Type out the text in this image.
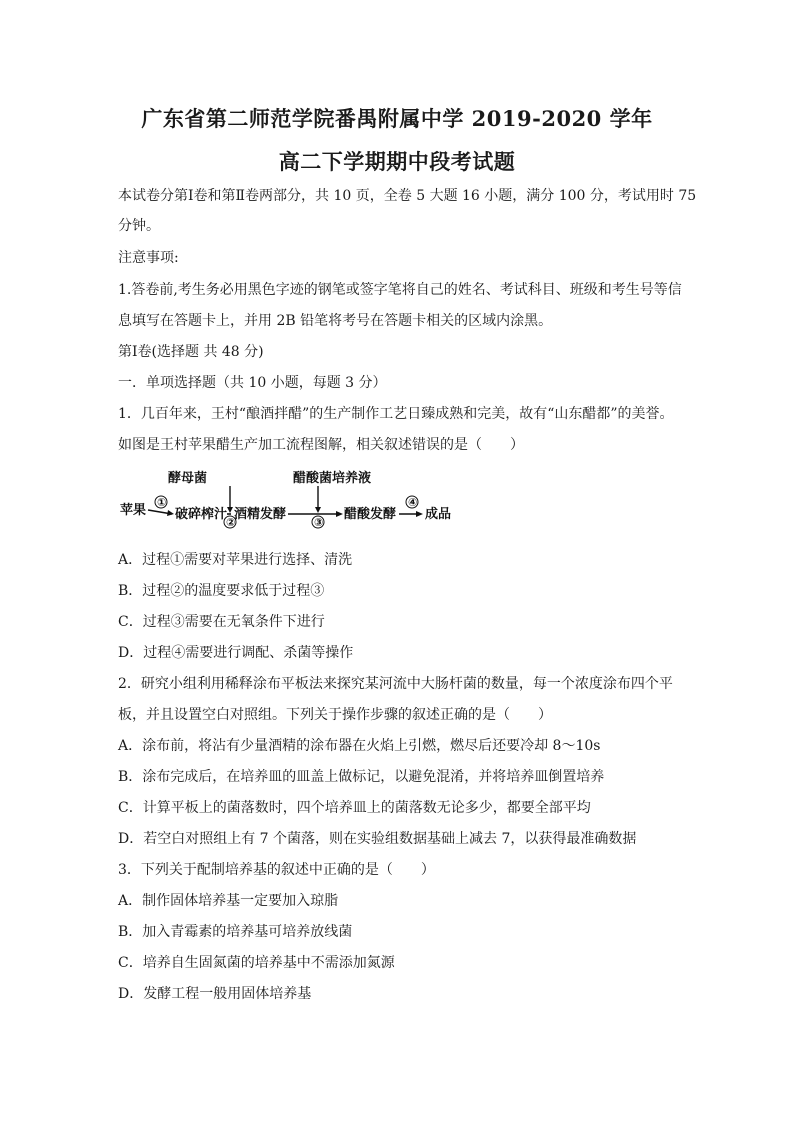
广东省第二师范学院番禺附属中学 2019-2020 学年
高二下学期期中段考试题
本试卷分第Ⅰ卷和第Ⅱ卷两部分，共 10 页，全卷 5 大题 16 小题，满分 100 分，考试用时 75
分钟。
注意事项:
1.答卷前,考生务必用黑色字迹的钢笔或签字笔将自己的姓名、考试科目、班级和考生号等信
息填写在答题卡上，并用 2B 铅笔将考号在答题卡相关的区域内涂黑。
第Ⅰ卷(选择题 共 48 分)
一．单项选择题（共 10 小题，每题 3 分）
1．几百年来，王村“酿酒拌醋”的生产制作工艺日臻成熟和完美，故有“山东醋都”的美誉。
如图是王村苹果醋生产加工流程图解，相关叙述错误的是（　　）
酵母菌	醋酸菌培养液
苹果 破碎榨汁 酒精发酵	醋酸发酵 成品
①
②	③
④
A．过程①需要对苹果进行选择、清洗
B．过程②的温度要求低于过程③
C．过程③需要在无氧条件下进行
D．过程④需要进行调配、杀菌等操作
2．研究小组利用稀释涂布平板法来探究某河流中大肠杆菌的数量，每一个浓度涂布四个平
板，并且设置空白对照组。下列关于操作步骤的叙述正确的是（　　）
A．涂布前，将沾有少量酒精的涂布器在火焰上引燃，燃尽后还要冷却 8～10s
B．涂布完成后，在培养皿的皿盖上做标记，以避免混淆，并将培养皿倒置培养
C．计算平板上的菌落数时，四个培养皿上的菌落数无论多少，都要全部平均
D．若空白对照组上有 7 个菌落，则在实验组数据基础上减去 7，以获得最准确数据
3．下列关于配制培养基的叙述中正确的是（　　）
A．制作固体培养基一定要加入琼脂
B．加入青霉素的培养基可培养放线菌
C．培养自生固氮菌的培养基中不需添加氮源
D．发酵工程一般用固体培养基
